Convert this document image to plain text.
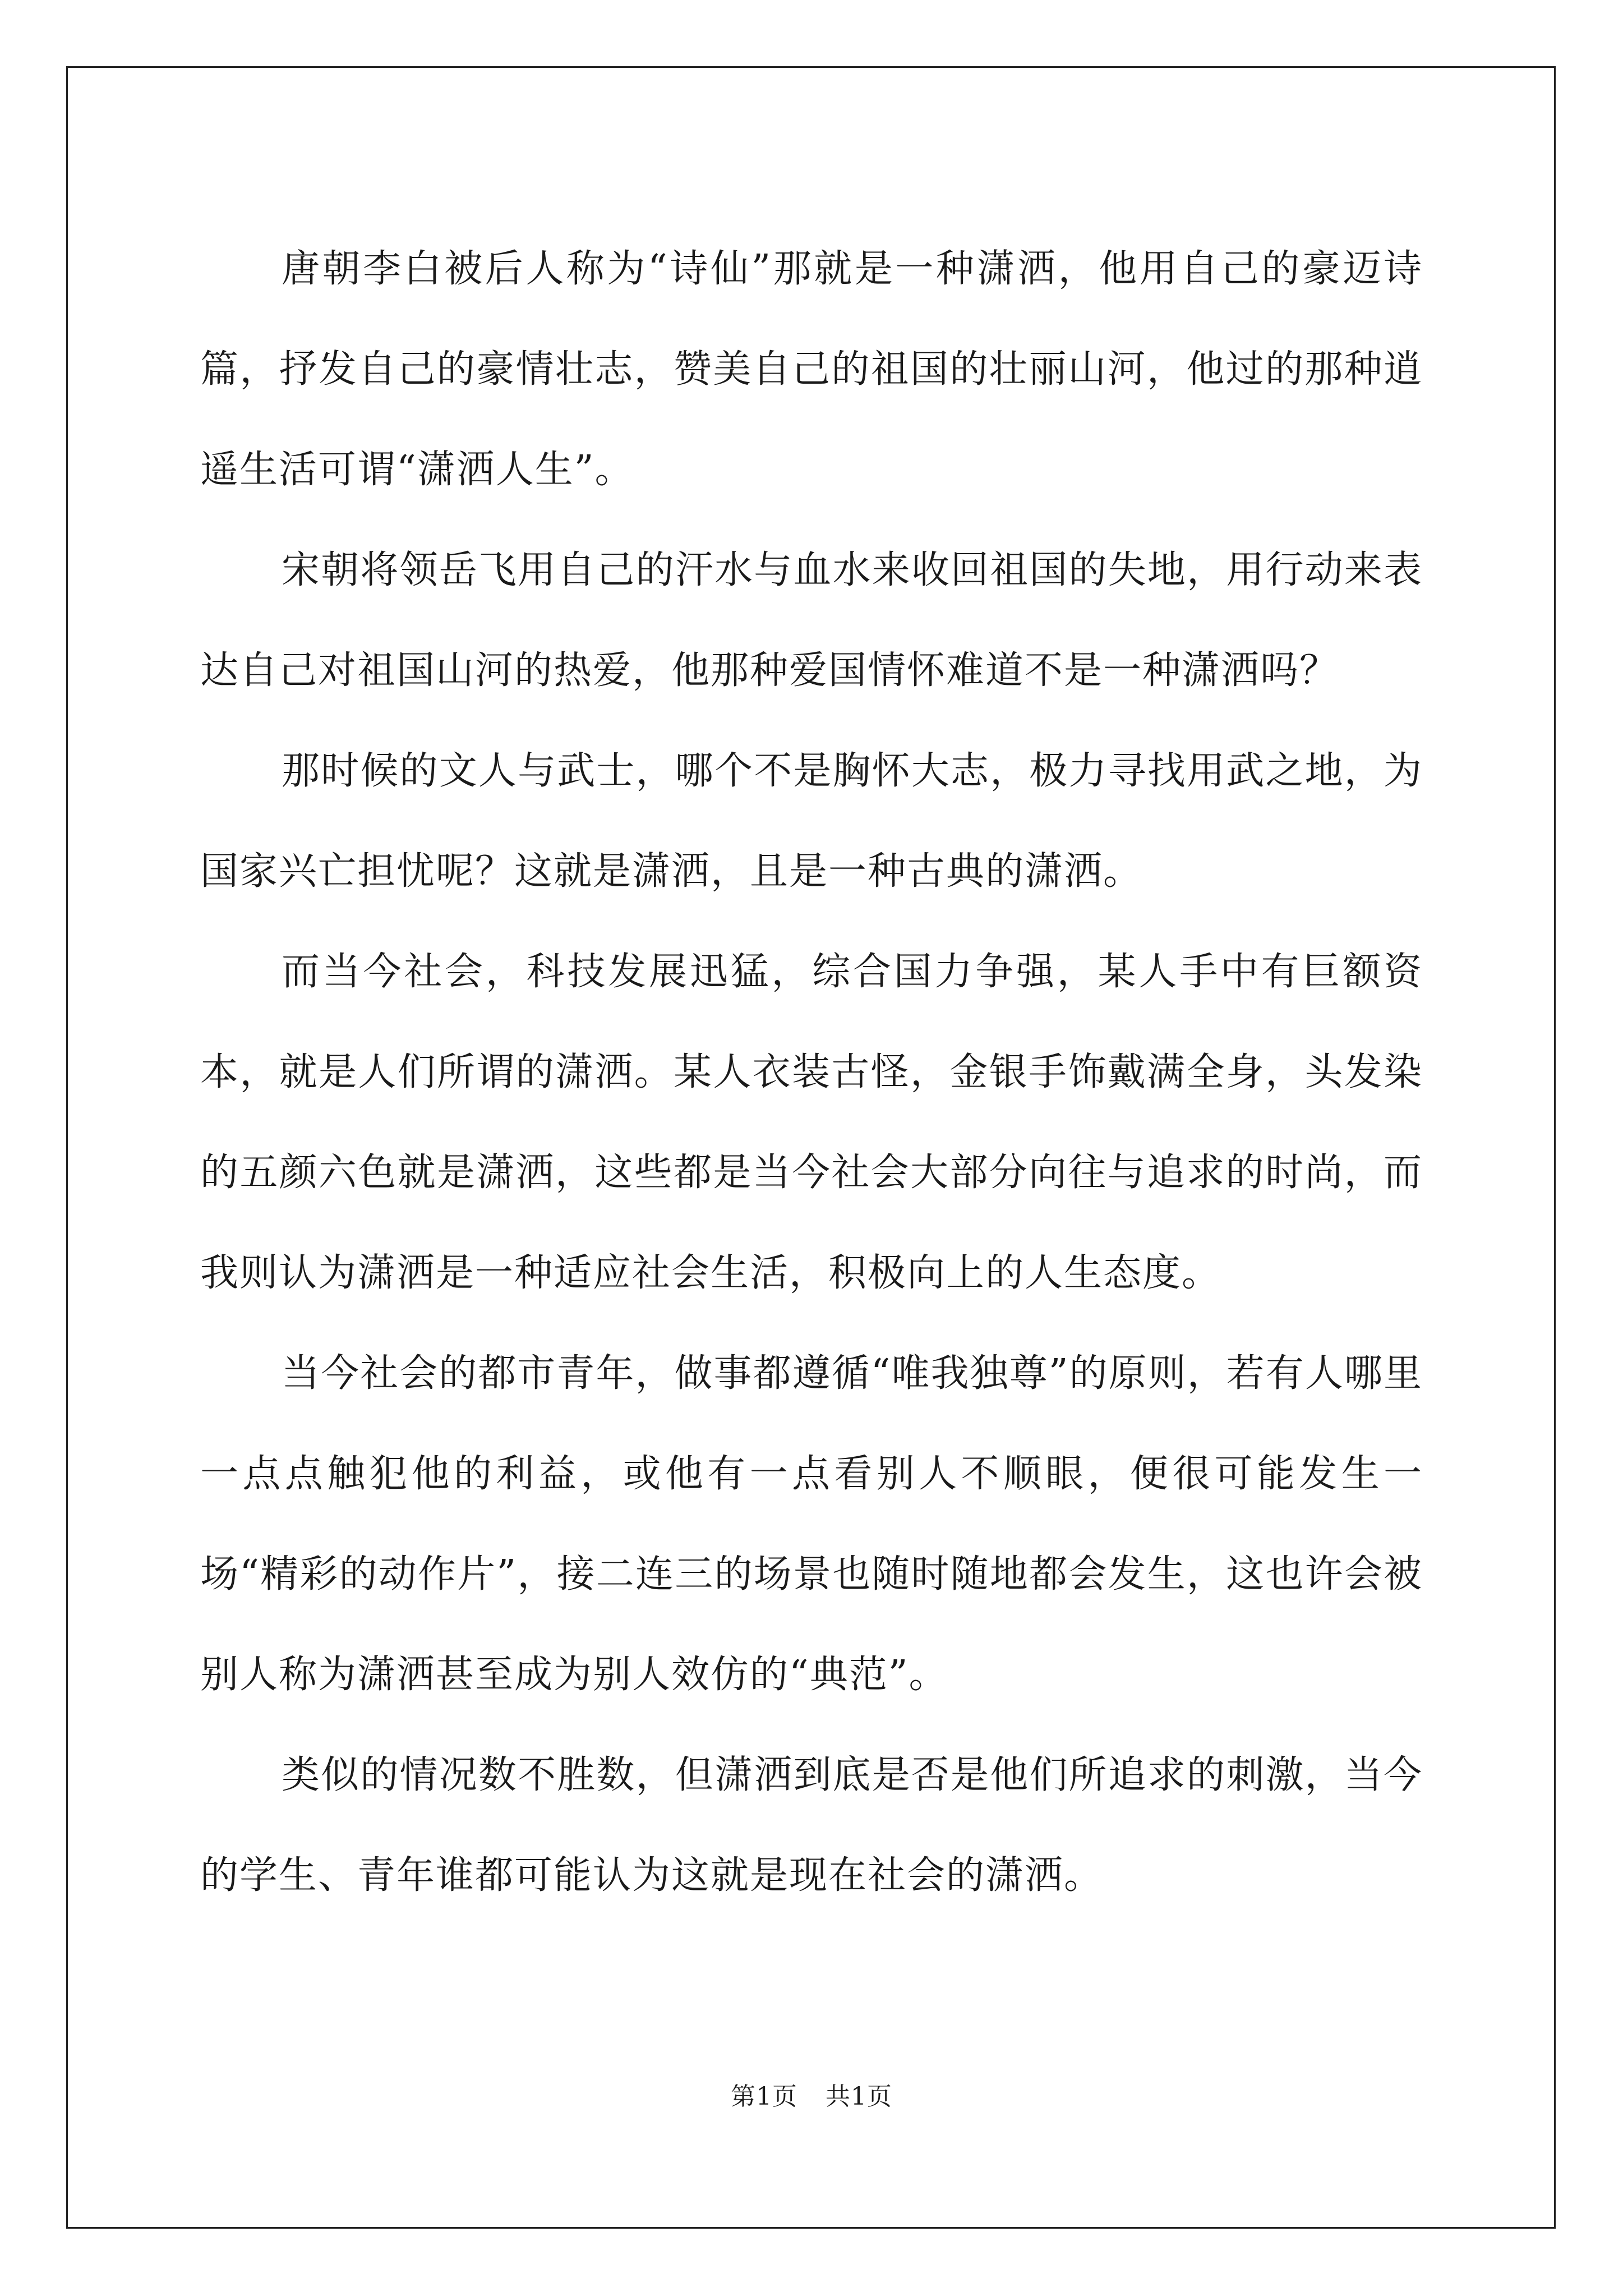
唐朝李白被后人称为“诗仙”那就是一种潇洒，他用自己的豪迈诗篇，抒发自己的豪情壮志，赞美自己的祖国的壮丽山河，他过的那种逍遥生活可谓“潇洒人生”。

宋朝将领岳飞用自己的汗水与血水来收回祖国的失地，用行动来表达自己对祖国山河的热爱，他那种爱国情怀难道不是一种潇洒吗？

那时候的文人与武士，哪个不是胸怀大志，极力寻找用武之地，为国家兴亡担忧呢？这就是潇洒，且是一种古典的潇洒。

而当今社会，科技发展迅猛，综合国力争强，某人手中有巨额资本，就是人们所谓的潇洒。某人衣装古怪，金银手饰戴满全身，头发染的五颜六色就是潇洒，这些都是当今社会大部分向往与追求的时尚，而我则认为潇洒是一种适应社会生活，积极向上的人生态度。

当今社会的都市青年，做事都遵循“唯我独尊”的原则，若有人哪里一点点触犯他的利益，或他有一点看别人不顺眼，便很可能发生一场“精彩的动作片”，接二连三的场景也随时随地都会发生，这也许会被别人称为潇洒甚至成为别人效仿的“典范”。

类似的情况数不胜数，但潇洒到底是否是他们所追求的刺激，当今的学生、青年谁都可能认为这就是现在社会的潇洒。

第1页 共1页
